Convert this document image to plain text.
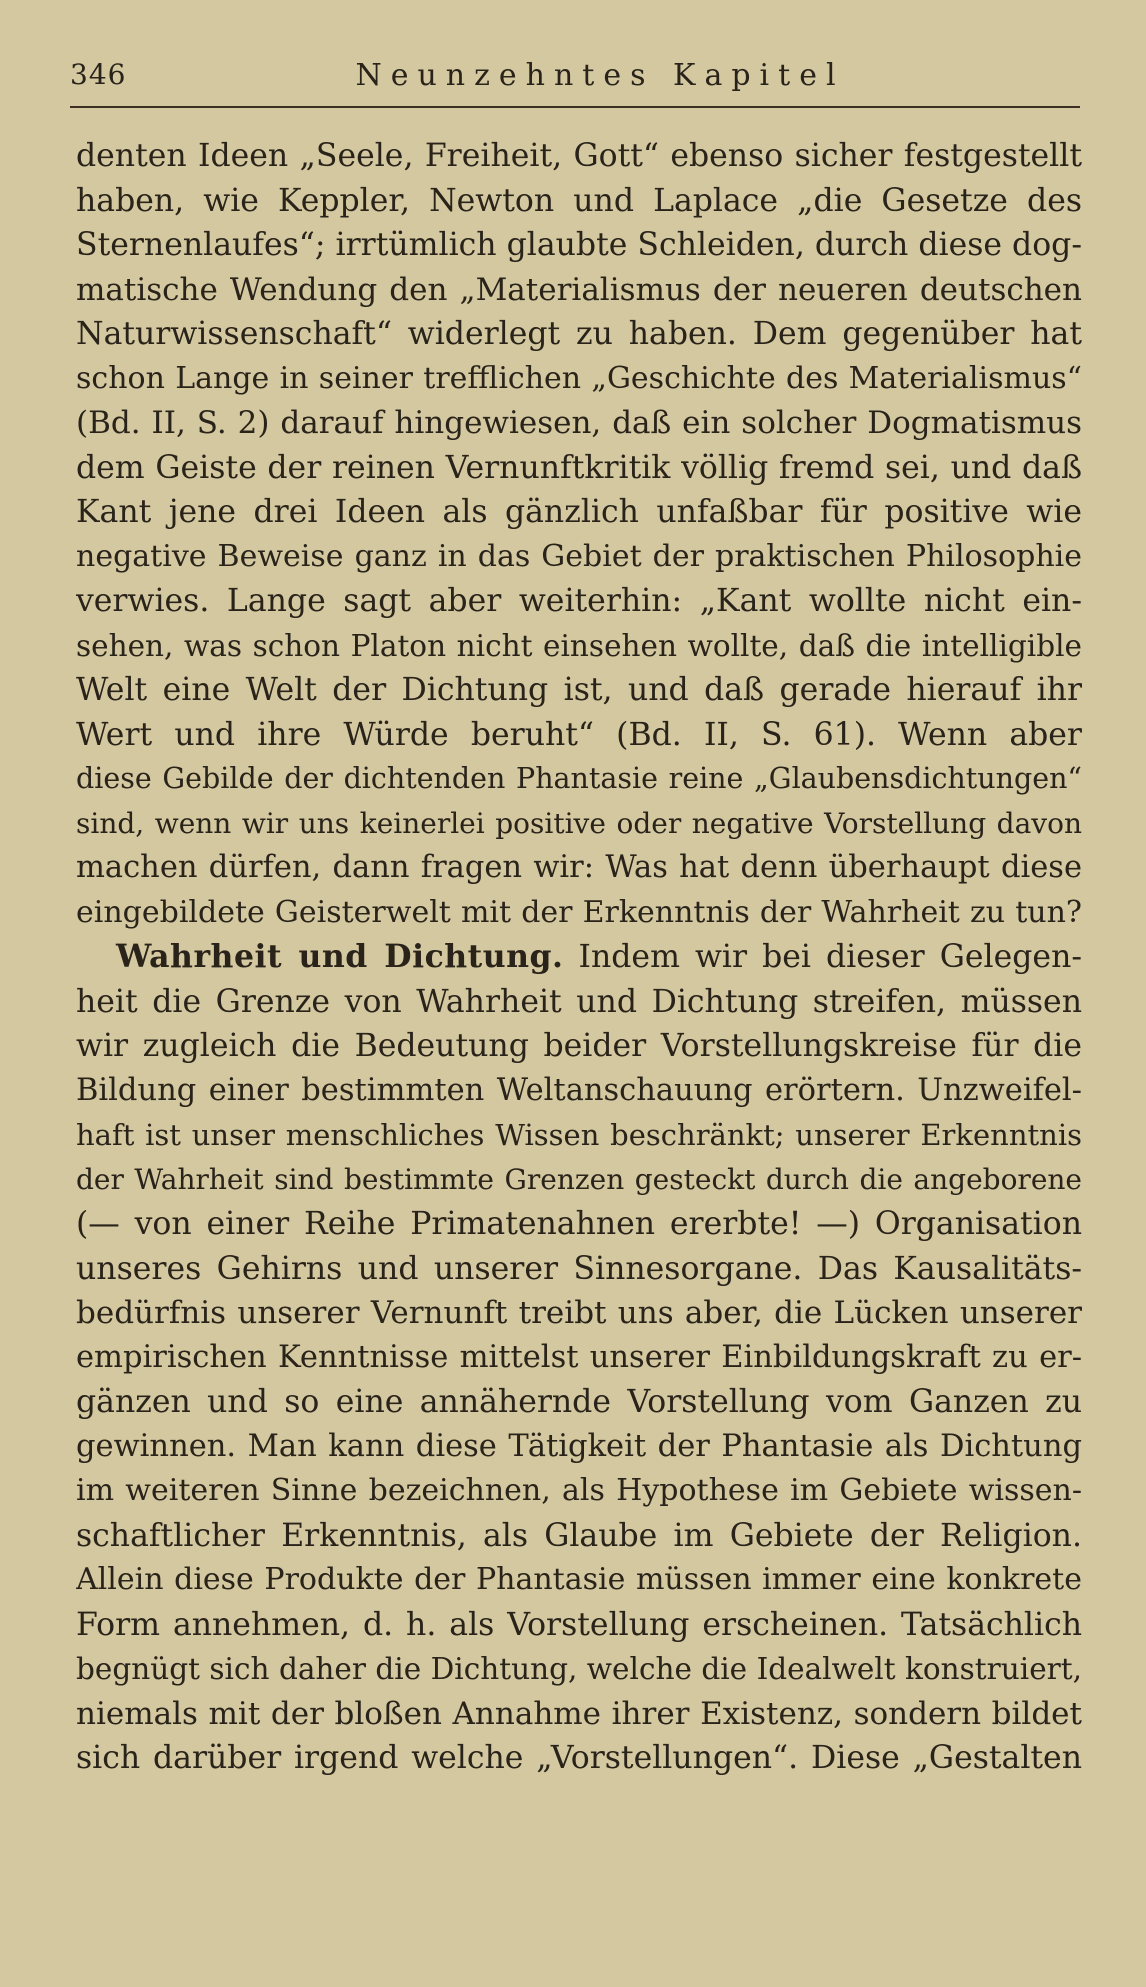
346	Neunzehntes Kapitel
denten Ideen „Seele, Freiheit, Gott“ ebenso sicher festgestellt
haben, wie Keppler, Newton und Laplace „die Gesetze des
Sternenlaufes“; irrtümlich glaubte Schleiden, durch diese dog-
matische Wendung den „Materialismus der neueren deutschen
Naturwissenschaft“ widerlegt zu haben. Dem gegenüber hat
schon Lange in seiner trefflichen „Geschichte des Materialismus“
(Bd. II, S. 2) darauf hingewiesen, daß ein solcher Dogmatismus
dem Geiste der reinen Vernunftkritik völlig fremd sei, und daß
Kant jene drei Ideen als gänzlich unfaßbar für positive wie
negative Beweise ganz in das Gebiet der praktischen Philosophie
verwies. Lange sagt aber weiterhin: „Kant wollte nicht ein-
sehen, was schon Platon nicht einsehen wollte, daß die intelligible
Welt eine Welt der Dichtung ist, und daß gerade hierauf ihr
Wert und ihre Würde beruht“ (Bd. II, S. 61). Wenn aber
diese Gebilde der dichtenden Phantasie reine „Glaubensdichtungen“
sind, wenn wir uns keinerlei positive oder negative Vorstellung davon
machen dürfen, dann fragen wir: Was hat denn überhaupt diese
eingebildete Geisterwelt mit der Erkenntnis der Wahrheit zu tun?
Wahrheit und Dichtung. Indem wir bei dieser Gelegen-
heit die Grenze von Wahrheit und Dichtung streifen, müssen
wir zugleich die Bedeutung beider Vorstellungskreise für die
Bildung einer bestimmten Weltanschauung erörtern. Unzweifel-
haft ist unser menschliches Wissen beschränkt; unserer Erkenntnis
der Wahrheit sind bestimmte Grenzen gesteckt durch die angeborene
(— von einer Reihe Primatenahnen ererbte! —) Organisation
unseres Gehirns und unserer Sinnesorgane. Das Kausalitäts-
bedürfnis unserer Vernunft treibt uns aber, die Lücken unserer
empirischen Kenntnisse mittelst unserer Einbildungskraft zu er-
gänzen und so eine annähernde Vorstellung vom Ganzen zu
gewinnen. Man kann diese Tätigkeit der Phantasie als Dichtung
im weiteren Sinne bezeichnen, als Hypothese im Gebiete wissen-
schaftlicher Erkenntnis, als Glaube im Gebiete der Religion.
Allein diese Produkte der Phantasie müssen immer eine konkrete
Form annehmen, d. h. als Vorstellung erscheinen. Tatsächlich
begnügt sich daher die Dichtung, welche die Idealwelt konstruiert,
niemals mit der bloßen Annahme ihrer Existenz, sondern bildet
sich darüber irgend welche „Vorstellungen“. Diese „Gestalten
